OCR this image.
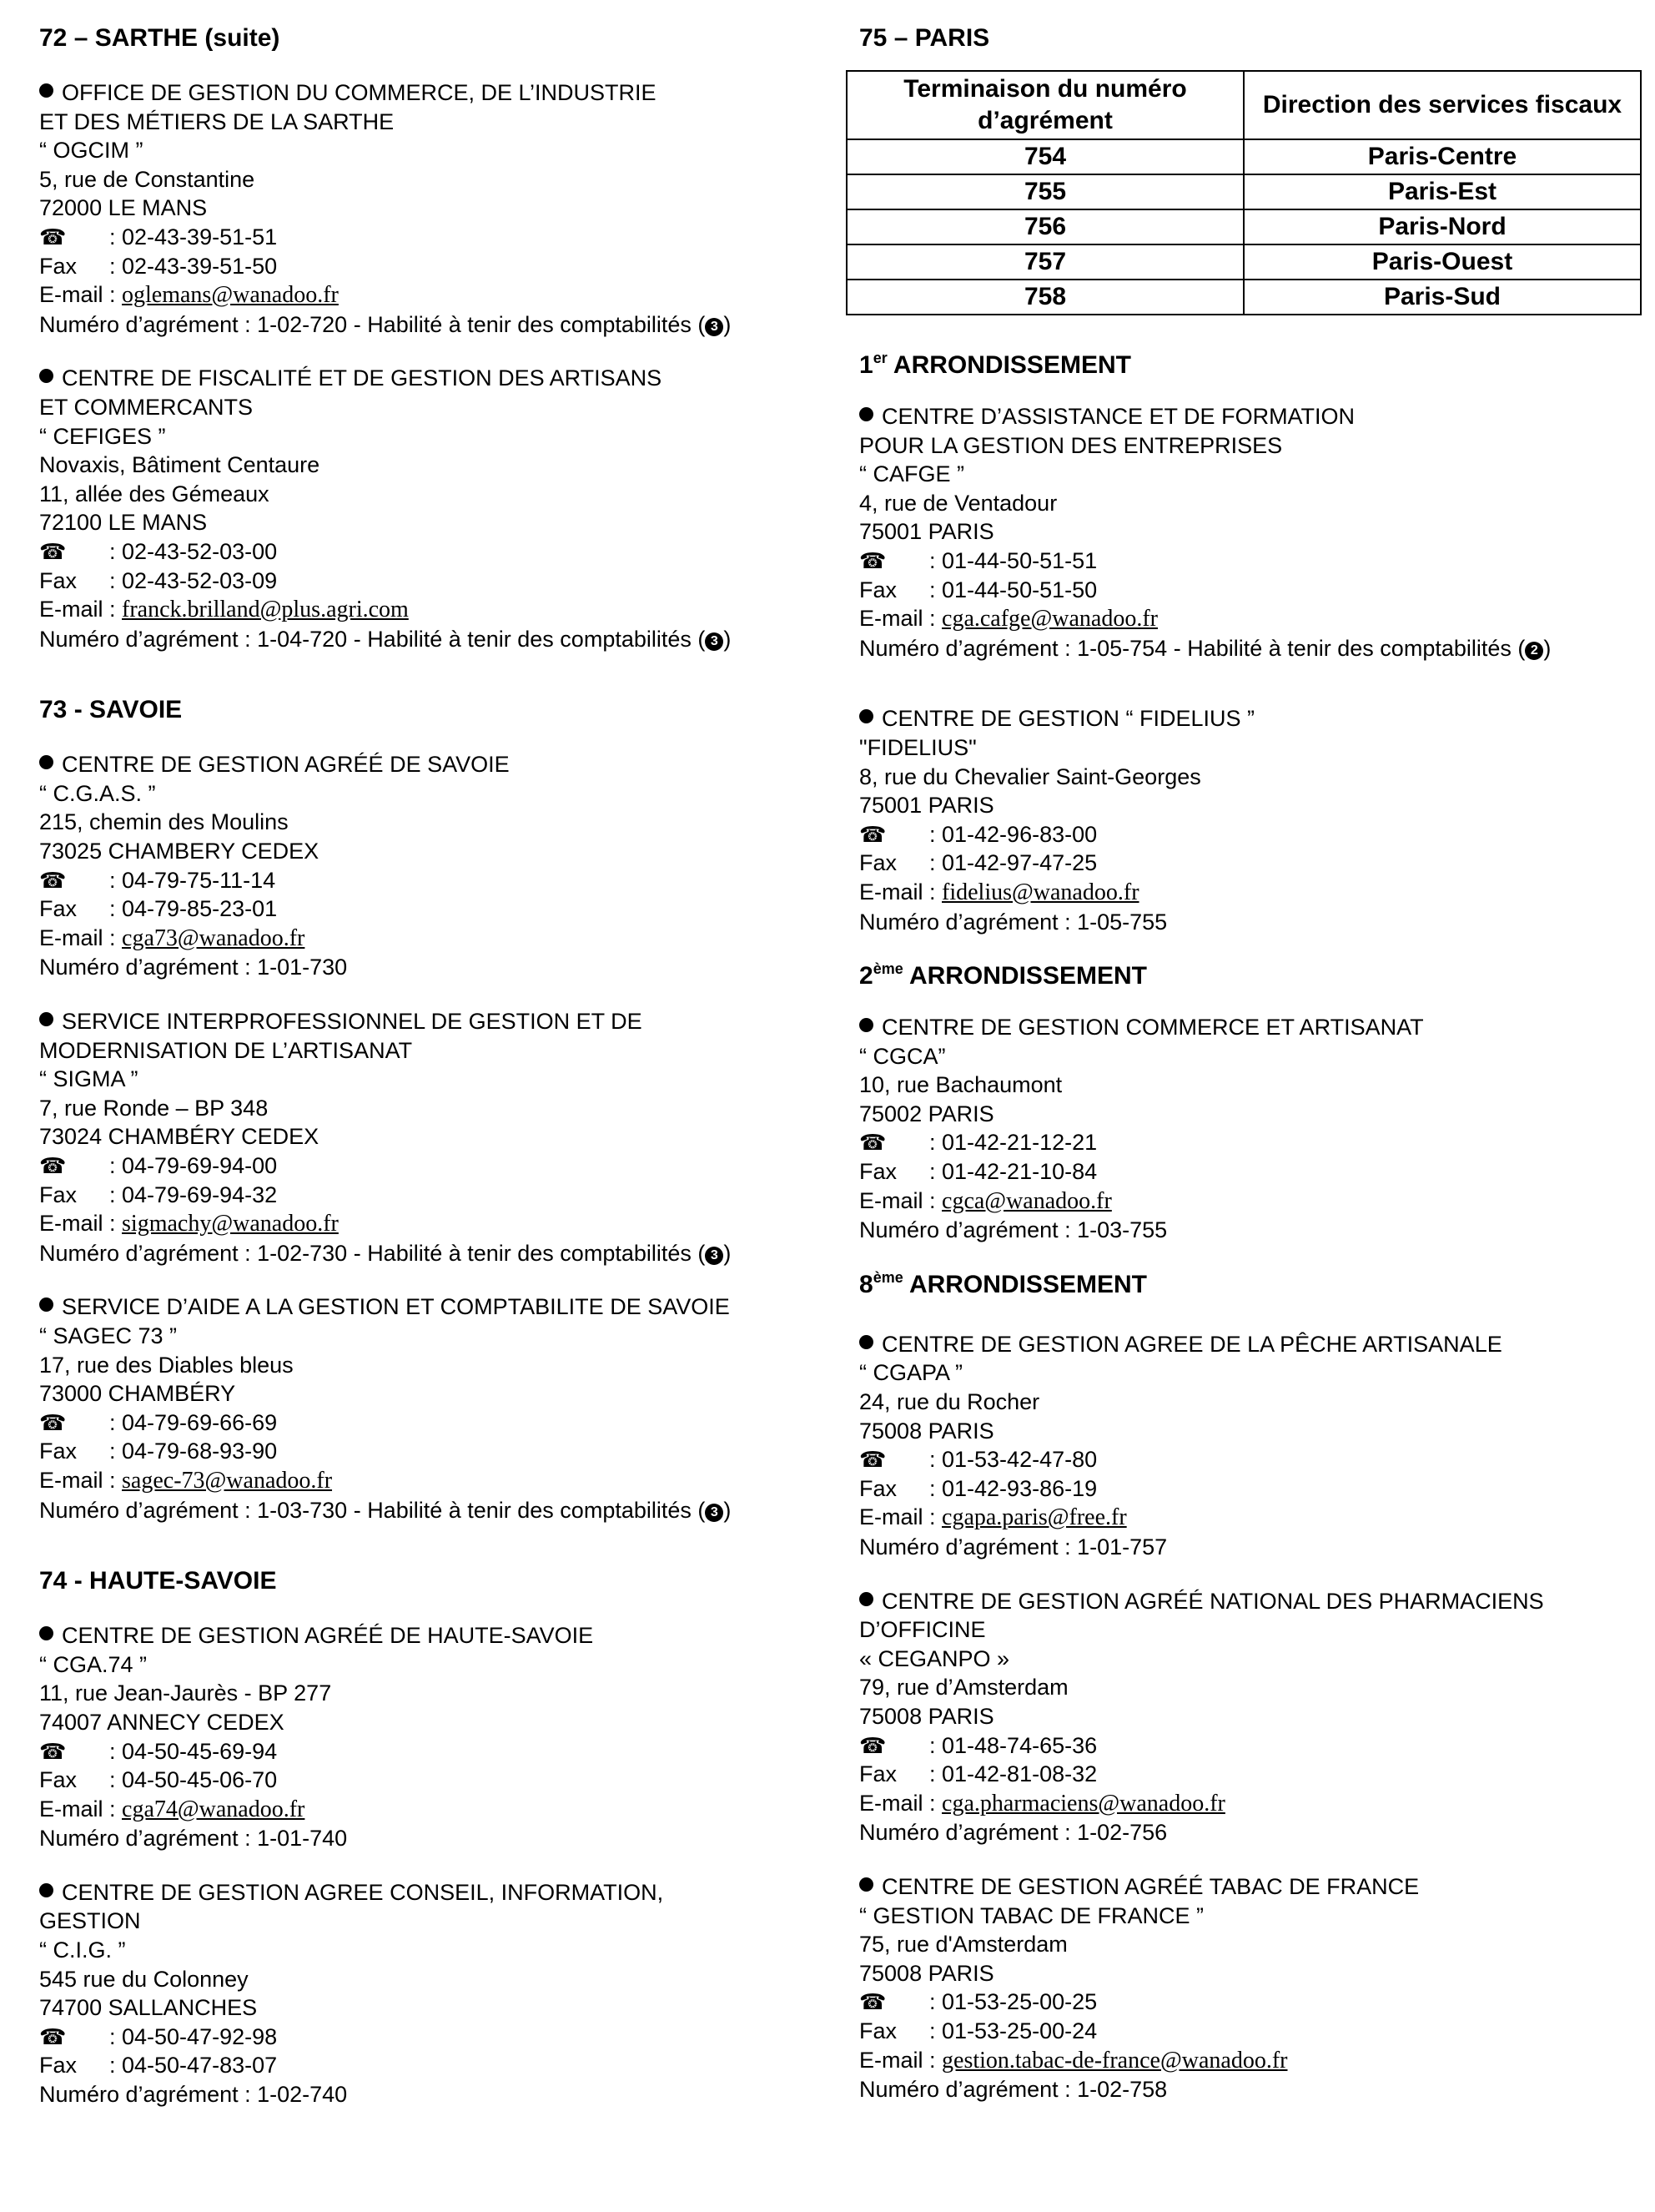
72 – SARTHE (suite)
OFFICE DE GESTION DU COMMERCE, DE L’INDUSTRIE
ET DES MÉTIERS DE LA SARTHE
“ OGCIM ”
5, rue de Constantine
72000 LE MANS
☎ : 02-43-39-51-51
Fax : 02-43-39-51-50
E-mail : oglemans@wanadoo.fr
Numéro d’agrément : 1-02-720 - Habilité à tenir des comptabilités ( 3 )
CENTRE DE FISCALITÉ ET DE GESTION DES ARTISANS
ET COMMERCANTS
“ CEFIGES ”
Novaxis, Bâtiment Centaure
11, allée des Gémeaux
72100 LE MANS
☎ : 02-43-52-03-00
Fax : 02-43-52-03-09
E-mail : franck.brilland@plus.agri.com
Numéro d’agrément : 1-04-720 - Habilité à tenir des comptabilités ( 3 )
73 - SAVOIE
CENTRE DE GESTION AGRÉÉ DE SAVOIE
“ C.G.A.S. ”
215, chemin des Moulins
73025 CHAMBERY CEDEX
☎ : 04-79-75-11-14
Fax : 04-79-85-23-01
E-mail : cga73@wanadoo.fr
Numéro d’agrément : 1-01-730
SERVICE INTERPROFESSIONNEL DE GESTION ET DE
MODERNISATION DE L’ARTISANAT
“ SIGMA ”
7, rue Ronde – BP 348
73024 CHAMBÉRY CEDEX
☎ : 04-79-69-94-00
Fax : 04-79-69-94-32
E-mail : sigmachy@wanadoo.fr
Numéro d’agrément : 1-02-730 - Habilité à tenir des comptabilités ( 3 )
SERVICE D’AIDE A LA GESTION ET COMPTABILITE DE SAVOIE
“ SAGEC 73 ”
17, rue des Diables bleus
73000 CHAMBÉRY
☎ : 04-79-69-66-69
Fax : 04-79-68-93-90
E-mail : sagec-73@wanadoo.fr
Numéro d’agrément : 1-03-730 - Habilité à tenir des comptabilités ( 3 )
74 - HAUTE-SAVOIE
CENTRE DE GESTION AGRÉÉ DE HAUTE-SAVOIE
“ CGA.74 ”
11, rue Jean-Jaurès - BP 277
74007 ANNECY CEDEX
☎ : 04-50-45-69-94
Fax : 04-50-45-06-70
E-mail : cga74@wanadoo.fr
Numéro d’agrément : 1-01-740
CENTRE DE GESTION AGREE CONSEIL, INFORMATION,
GESTION
“ C.I.G. ”
545 rue du Colonney
74700 SALLANCHES
☎ : 04-50-47-92-98
Fax : 04-50-47-83-07
Numéro d’agrément : 1-02-740
75 – PARIS
Terminaison du numéro d’agrément	Direction des services fiscaux
754	Paris-Centre
755	Paris-Est
756	Paris-Nord
757	Paris-Ouest
758	Paris-Sud
1er ARRONDISSEMENT
CENTRE D’ASSISTANCE ET DE FORMATION
POUR LA GESTION DES ENTREPRISES
“ CAFGE ”
4, rue de Ventadour
75001 PARIS
☎ : 01-44-50-51-51
Fax : 01-44-50-51-50
E-mail : cga.cafge@wanadoo.fr
Numéro d’agrément : 1-05-754 - Habilité à tenir des comptabilités ( 2 )
CENTRE DE GESTION “ FIDELIUS ”
"FIDELIUS"
8, rue du Chevalier Saint-Georges
75001 PARIS
☎ : 01-42-96-83-00
Fax : 01-42-97-47-25
E-mail : fidelius@wanadoo.fr
Numéro d’agrément : 1-05-755
2ème ARRONDISSEMENT
CENTRE DE GESTION COMMERCE ET ARTISANAT
“ CGCA”
10, rue Bachaumont
75002 PARIS
☎ : 01-42-21-12-21
Fax : 01-42-21-10-84
E-mail : cgca@wanadoo.fr
Numéro d’agrément : 1-03-755
8ème ARRONDISSEMENT
CENTRE DE GESTION AGREE DE LA PÊCHE ARTISANALE
“ CGAPA ”
24, rue du Rocher
75008 PARIS
☎ : 01-53-42-47-80
Fax : 01-42-93-86-19
E-mail : cgapa.paris@free.fr
Numéro d’agrément : 1-01-757
CENTRE DE GESTION AGRÉÉ NATIONAL DES PHARMACIENS
D’OFFICINE
« CEGANPO »
79, rue d’Amsterdam
75008 PARIS
☎ : 01-48-74-65-36
Fax : 01-42-81-08-32
E-mail : cga.pharmaciens@wanadoo.fr
Numéro d’agrément : 1-02-756
CENTRE DE GESTION AGRÉÉ TABAC DE FRANCE
“ GESTION TABAC DE FRANCE ”
75, rue d'Amsterdam
75008 PARIS
☎ : 01-53-25-00-25
Fax : 01-53-25-00-24
E-mail : gestion.tabac-de-france@wanadoo.fr
Numéro d’agrément : 1-02-758
